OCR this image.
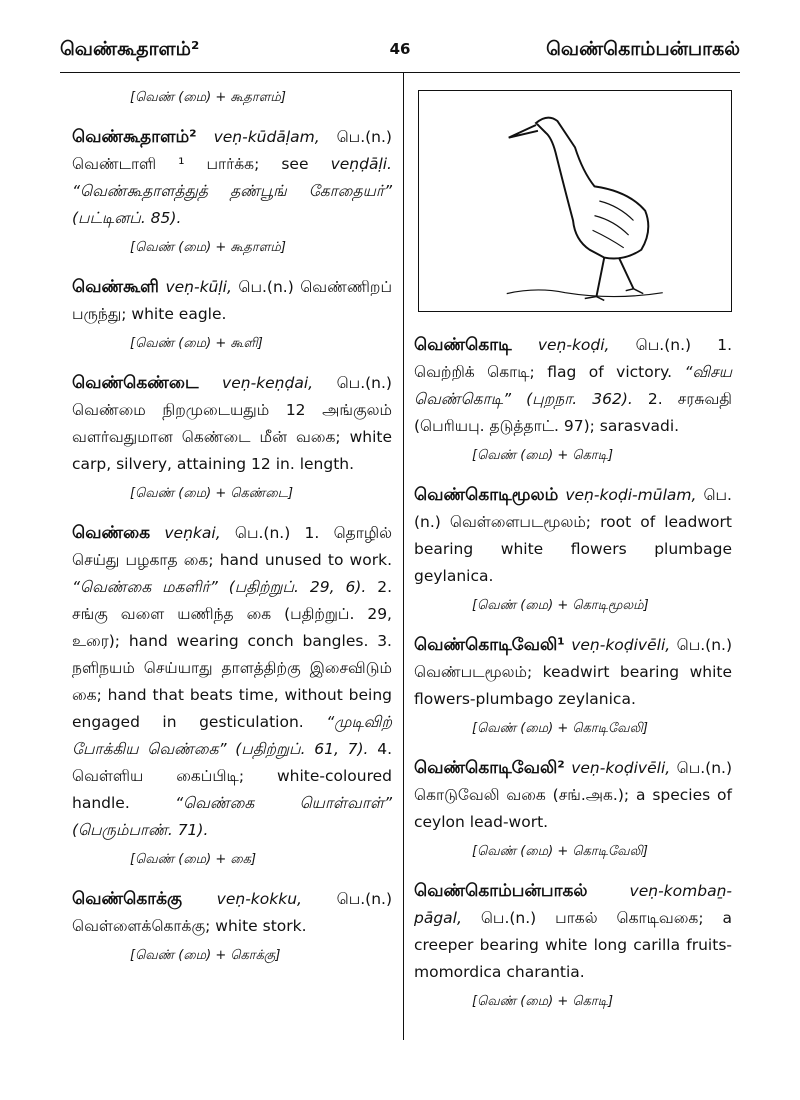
வெண்கூதாளம்²	46	வெண்கொம்பன்பாகல்
[வெண் (மை) + கூதாளம்]
வெண்கூதாளம்² veṇ-kūdāḷam, பெ.(n.) வெண்டாளி ¹ பார்க்க; see veṇḍāḷi. “வெண்கூதாளத்துத் தண்பூங் கோதையர்” (பட்டினப். 85).
[வெண் (மை) + கூதாளம்]
வெண்கூளி veṇ-kūḷi, பெ.(n.) வெண்ணிறப் பருந்து; white eagle.
[வெண் (மை) + கூளி]
வெண்கெண்டை veṇ-keṇḍai, பெ.(n.) வெண்மை நிறமுடையதும் 12 அங்குலம் வளர்வதுமான கெண்டை மீன் வகை; white carp, silvery, attaining 12 in. length.
[வெண் (மை) + கெண்டை]
வெண்கை veṇkai, பெ.(n.) 1. தொழில் செய்து பழகாத கை; hand unused to work. “வெண்கை மகளிர்” (பதிற்றுப். 29, 6). 2. சங்கு வளை யணிந்த கை (பதிற்றுப். 29, உரை); hand wearing conch bangles. 3. நளிநயம் செய்யாது தாளத்திற்கு இசைவிடும் கை; hand that beats time, without being engaged in gesticulation. “முடிவிற் போக்கிய வெண்கை” (பதிற்றுப். 61, 7). 4. வெள்ளிய கைப்பிடி; white-coloured handle.	“வெண்கை யொள்வாள்” (பெரும்பாண். 71).
[வெண் (மை) + கை]
வெண்கொக்கு veṇ-kokku, பெ.(n.) வெள்ளைக்கொக்கு; white stork.
[வெண் (மை) + கொக்கு]
வெண்கொடி veṇ-koḍi, பெ.(n.) 1. வெற்றிக் கொடி; flag of victory. “விசய வெண்கொடி” (புறநா. 362). 2. சரசுவதி (பெரியபு. தடுத்தாட். 97); sarasvadi.
[வெண் (மை) + கொடி]
வெண்கொடிமூலம் veṇ-koḍi-mūlam, பெ.(n.) வெள்ளைபடமூலம்; root of leadwort bearing white flowers plumbage geylanica.
[வெண் (மை) + கொடிமூலம்]
வெண்கொடிவேலி¹ veṇ-koḍivēli, பெ.(n.) வெண்படமூலம்; keadwirt bearing white flowers-plumbago zeylanica.
[வெண் (மை) + கொடிவேலி]
வெண்கொடிவேலி² veṇ-koḍivēli, பெ.(n.) கொடுவேலி வகை (சங்.அக.); a species of ceylon lead-wort.
[வெண் (மை) + கொடிவேலி]
வெண்கொம்பன்பாகல்	veṇ-kombaṉ-pāgal, பெ.(n.) பாகல் கொடிவகை; a creeper bearing white long carilla fruits-momordica charantia.
[வெண் (மை) + கொடி]
